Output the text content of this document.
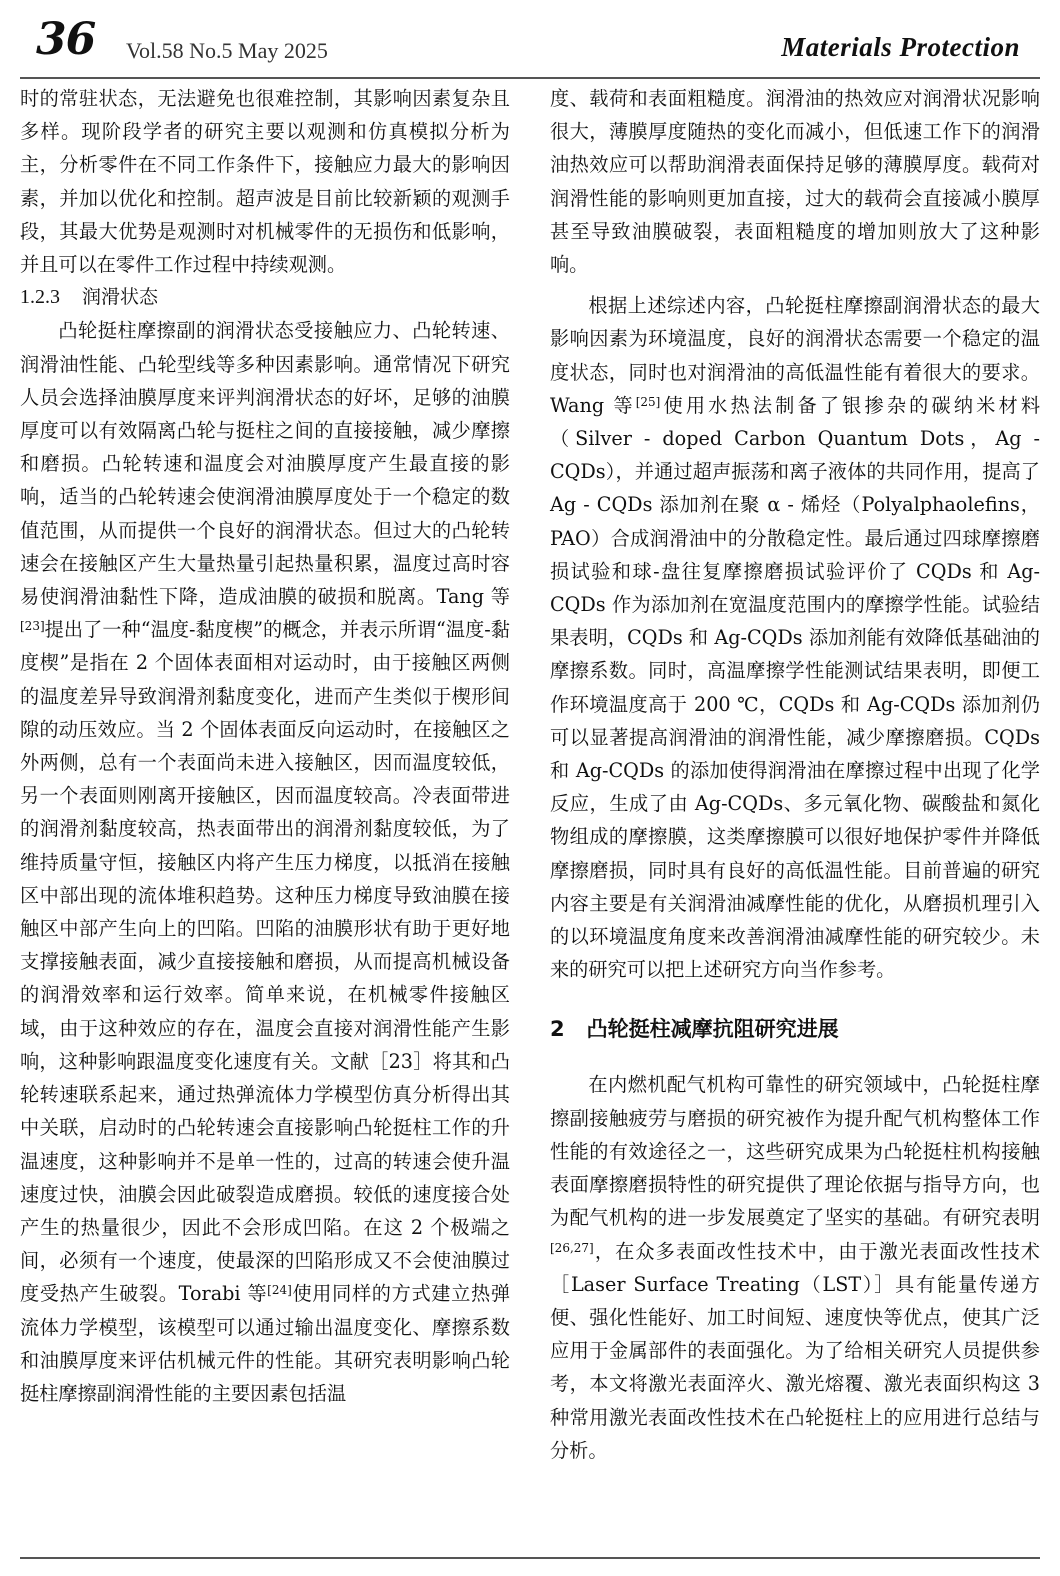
36 Vol.58 No.5 May 2025	Materials Protection

时的常驻状态，无法避免也很难控制，其影响因素复杂且多样。现阶段学者的研究主要以观测和仿真模拟分析为主，分析零件在不同工作条件下，接触应力最大的影响因素，并加以优化和控制。超声波是目前比较新颖的观测手段，其最大优势是观测时对机械零件的无损伤和低影响，并且可以在零件工作过程中持续观测。

1.2.3 润滑状态

凸轮挺柱摩擦副的润滑状态受接触应力、凸轮转速、润滑油性能、凸轮型线等多种因素影响。通常情况下研究人员会选择油膜厚度来评判润滑状态的好坏，足够的油膜厚度可以有效隔离凸轮与挺柱之间的直接接触，减少摩擦和磨损。凸轮转速和温度会对油膜厚度产生最直接的影响，适当的凸轮转速会使润滑油膜厚度处于一个稳定的数值范围，从而提供一个良好的润滑状态。但过大的凸轮转速会在接触区产生大量热量引起热量积累，温度过高时容易使润滑油黏性下降，造成油膜的破损和脱离。Tang 等[23]提出了一种“温度-黏度楔”的概念，并表示所谓“温度-黏度楔”是指在 2 个固体表面相对运动时，由于接触区两侧的温度差异导致润滑剂黏度变化，进而产生类似于楔形间隙的动压效应。当 2 个固体表面反向运动时，在接触区之外两侧，总有一个表面尚未进入接触区，因而温度较低，另一个表面则刚离开接触区，因而温度较高。冷表面带进的润滑剂黏度较高，热表面带出的润滑剂黏度较低，为了维持质量守恒，接触区内将产生压力梯度，以抵消在接触区中部出现的流体堆积趋势。这种压力梯度导致油膜在接触区中部产生向上的凹陷。凹陷的油膜形状有助于更好地支撑接触表面，减少直接接触和磨损，从而提高机械设备的润滑效率和运行效率。简单来说，在机械零件接触区域，由于这种效应的存在，温度会直接对润滑性能产生影响，这种影响跟温度变化速度有关。文献［23］将其和凸轮转速联系起来，通过热弹流体力学模型仿真分析得出其中关联，启动时的凸轮转速会直接影响凸轮挺柱工作的升温速度，这种影响并不是单一性的，过高的转速会使升温速度过快，油膜会因此破裂造成磨损。较低的速度接合处产生的热量很少，因此不会形成凹陷。在这 2 个极端之间，必须有一个速度，使最深的凹陷形成又不会使油膜过度受热产生破裂。Torabi 等[24]使用同样的方式建立热弹流体力学模型，该模型可以通过输出温度变化、摩擦系数和油膜厚度来评估机械元件的性能。其研究表明影响凸轮挺柱摩擦副润滑性能的主要因素包括温

度、载荷和表面粗糙度。润滑油的热效应对润滑状况影响很大，薄膜厚度随热的变化而减小，但低速工作下的润滑油热效应可以帮助润滑表面保持足够的薄膜厚度。载荷对润滑性能的影响则更加直接，过大的载荷会直接减小膜厚甚至导致油膜破裂，表面粗糙度的增加则放大了这种影响。

根据上述综述内容，凸轮挺柱摩擦副润滑状态的最大影响因素为环境温度，良好的润滑状态需要一个稳定的温度状态，同时也对润滑油的高低温性能有着很大的要求。Wang 等[25]使用水热法制备了银掺杂的碳纳米材料（Silver - doped Carbon Quantum Dots，Ag - CQDs），并通过超声振荡和离子液体的共同作用，提高了 Ag - CQDs 添加剂在聚 α - 烯烃（Polyalphaolefins，PAO）合成润滑油中的分散稳定性。最后通过四球摩擦磨损试验和球-盘往复摩擦磨损试验评价了 CQDs 和 Ag-CQDs 作为添加剂在宽温度范围内的摩擦学性能。试验结果表明，CQDs 和 Ag-CQDs 添加剂能有效降低基础油的摩擦系数。同时，高温摩擦学性能测试结果表明，即便工作环境温度高于 200 ℃，CQDs 和 Ag-CQDs 添加剂仍可以显著提高润滑油的润滑性能，减少摩擦磨损。CQDs 和 Ag-CQDs 的添加使得润滑油在摩擦过程中出现了化学反应，生成了由 Ag-CQDs、多元氧化物、碳酸盐和氮化物组成的摩擦膜，这类摩擦膜可以很好地保护零件并降低摩擦磨损，同时具有良好的高低温性能。目前普遍的研究内容主要是有关润滑油减摩性能的优化，从磨损机理引入的以环境温度角度来改善润滑油减摩性能的研究较少。未来的研究可以把上述研究方向当作参考。

2 凸轮挺柱减摩抗阻研究进展

在内燃机配气机构可靠性的研究领域中，凸轮挺柱摩擦副接触疲劳与磨损的研究被作为提升配气机构整体工作性能的有效途径之一，这些研究成果为凸轮挺柱机构接触表面摩擦磨损特性的研究提供了理论依据与指导方向，也为配气机构的进一步发展奠定了坚实的基础。有研究表明[26,27]，在众多表面改性技术中，由于激光表面改性技术［Laser Surface Treating（LST）］具有能量传递方便、强化性能好、加工时间短、速度快等优点，使其广泛应用于金属部件的表面强化。为了给相关研究人员提供参考，本文将激光表面淬火、激光熔覆、激光表面织构这 3 种常用激光表面改性技术在凸轮挺柱上的应用进行总结与分析。
